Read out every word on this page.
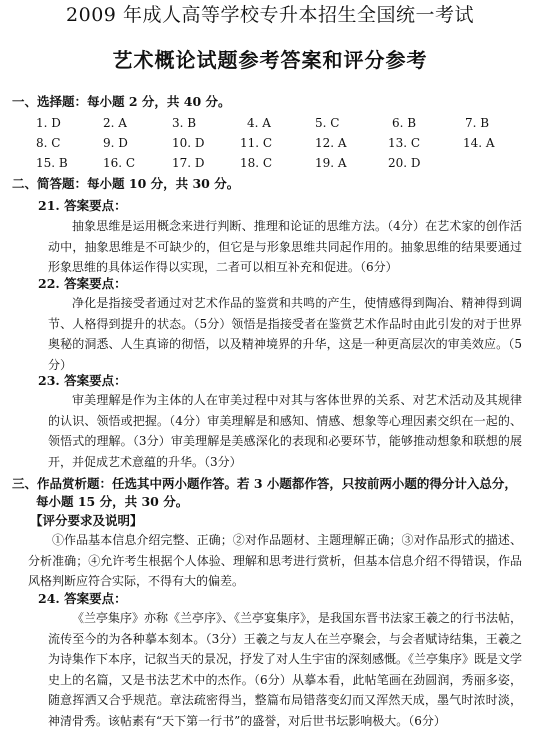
2009 年成人高等学校专升本招生全国统一考试
艺术概论试题参考答案和评分参考
一、选择题：每小题 2 分，共 40 分。
1. D	2. A	3. B	4. A	5. C	6. B	7. B
8. C	9. D	10. D	11. C	12. A	13. C	14. A
15. B	16. C	17. D	18. C	19. A	20. D
二、简答题：每小题 10 分，共 30 分。
21. 答案要点：
抽象思维是运用概念来进行判断、推理和论证的思维方法。（4分）在艺术家的创作活动中，抽象思维是不可缺少的，但它是与形象思维共同起作用的。抽象思维的结果要通过形象思维的具体运作得以实现，二者可以相互补充和促进。（6分）
22. 答案要点：
净化是指接受者通过对艺术作品的鉴赏和共鸣的产生，使情感得到陶冶、精神得到调节、人格得到提升的状态。（5分）领悟是指接受者在鉴赏艺术作品时由此引发的对于世界奥秘的洞悉、人生真谛的彻悟，以及精神境界的升华，这是一种更高层次的审美效应。（5分）
23. 答案要点：
审美理解是作为主体的人在审美过程中对其与客体世界的关系、对艺术活动及其规律的认识、领悟或把握。（4分）审美理解是和感知、情感、想象等心理因素交织在一起的、领悟式的理解。（3分）审美理解是美感深化的表现和必要环节，能够推动想象和联想的展开，并促成艺术意蕴的升华。（3分）
三、作品赏析题：任选其中两小题作答。若 3 小题都作答，只按前两小题的得分计入总分，
每小题 15 分，共 30 分。
【评分要求及说明】
①作品基本信息介绍完整、正确；②对作品题材、主题理解正确；③对作品形式的描述、分析准确；④允许考生根据个人体验、理解和思考进行赏析，但基本信息介绍不得错误，作品风格判断应符合实际，不得有大的偏差。
24. 答案要点：
《兰亭集序》亦称《兰亭序》、《兰亭宴集序》，是我国东晋书法家王羲之的行书法帖，流传至今的为各种摹本刻本。（3分）王羲之与友人在兰亭聚会，与会者赋诗结集，王羲之为诗集作下本序，记叙当天的景况，抒发了对人生宇宙的深刻感慨。《兰亭集序》既是文学史上的名篇，又是书法艺术中的杰作。（6分）从摹本看，此帖笔画在劲圆润，秀丽多姿，随意挥洒又合乎规范。章法疏密得当，整篇布局错落变幻而又浑然天成，墨气时浓时淡，神清骨秀。该帖素有“天下第一行书”的盛誉，对后世书坛影响极大。（6分）
